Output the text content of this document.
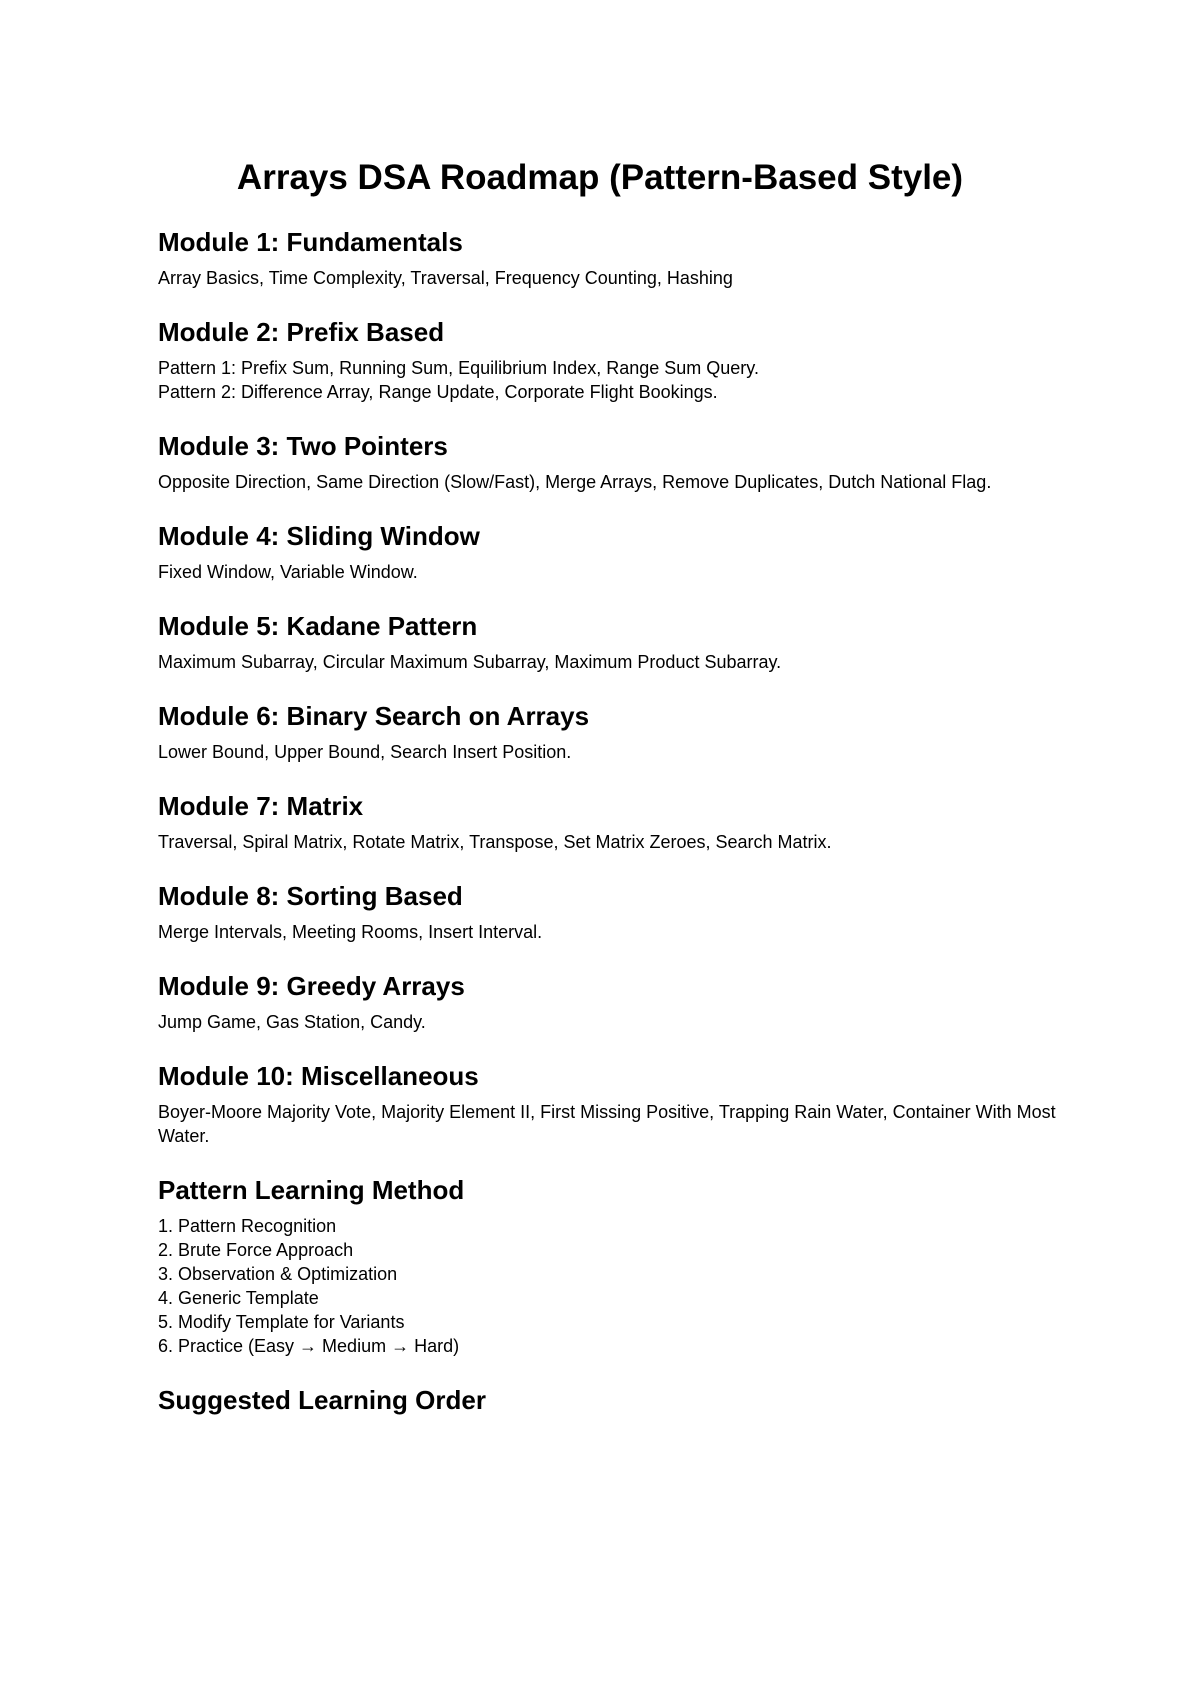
Arrays DSA Roadmap (Pattern-Based Style)
Module 1: Fundamentals

Array Basics, Time Complexity, Traversal, Frequency Counting, Hashing

Module 2: Prefix Based

Pattern 1: Prefix Sum, Running Sum, Equilibrium Index, Range Sum Query.
Pattern 2: Difference Array, Range Update, Corporate Flight Bookings.

Module 3: Two Pointers

Opposite Direction, Same Direction (Slow/Fast), Merge Arrays, Remove Duplicates, Dutch National Flag.

Module 4: Sliding Window

Fixed Window, Variable Window.

Module 5: Kadane Pattern

Maximum Subarray, Circular Maximum Subarray, Maximum Product Subarray.

Module 6: Binary Search on Arrays

Lower Bound, Upper Bound, Search Insert Position.

Module 7: Matrix

Traversal, Spiral Matrix, Rotate Matrix, Transpose, Set Matrix Zeroes, Search Matrix.

Module 8: Sorting Based

Merge Intervals, Meeting Rooms, Insert Interval.

Module 9: Greedy Arrays

Jump Game, Gas Station, Candy.

Module 10: Miscellaneous

Boyer-Moore Majority Vote, Majority Element II, First Missing Positive, Trapping Rain Water, Container With Most Water.

Pattern Learning Method
1. Pattern Recognition
2. Brute Force Approach
3. Observation & Optimization
4. Generic Template
5. Modify Template for Variants
6. Practice (Easy → Medium → Hard)
Suggested Learning Order
